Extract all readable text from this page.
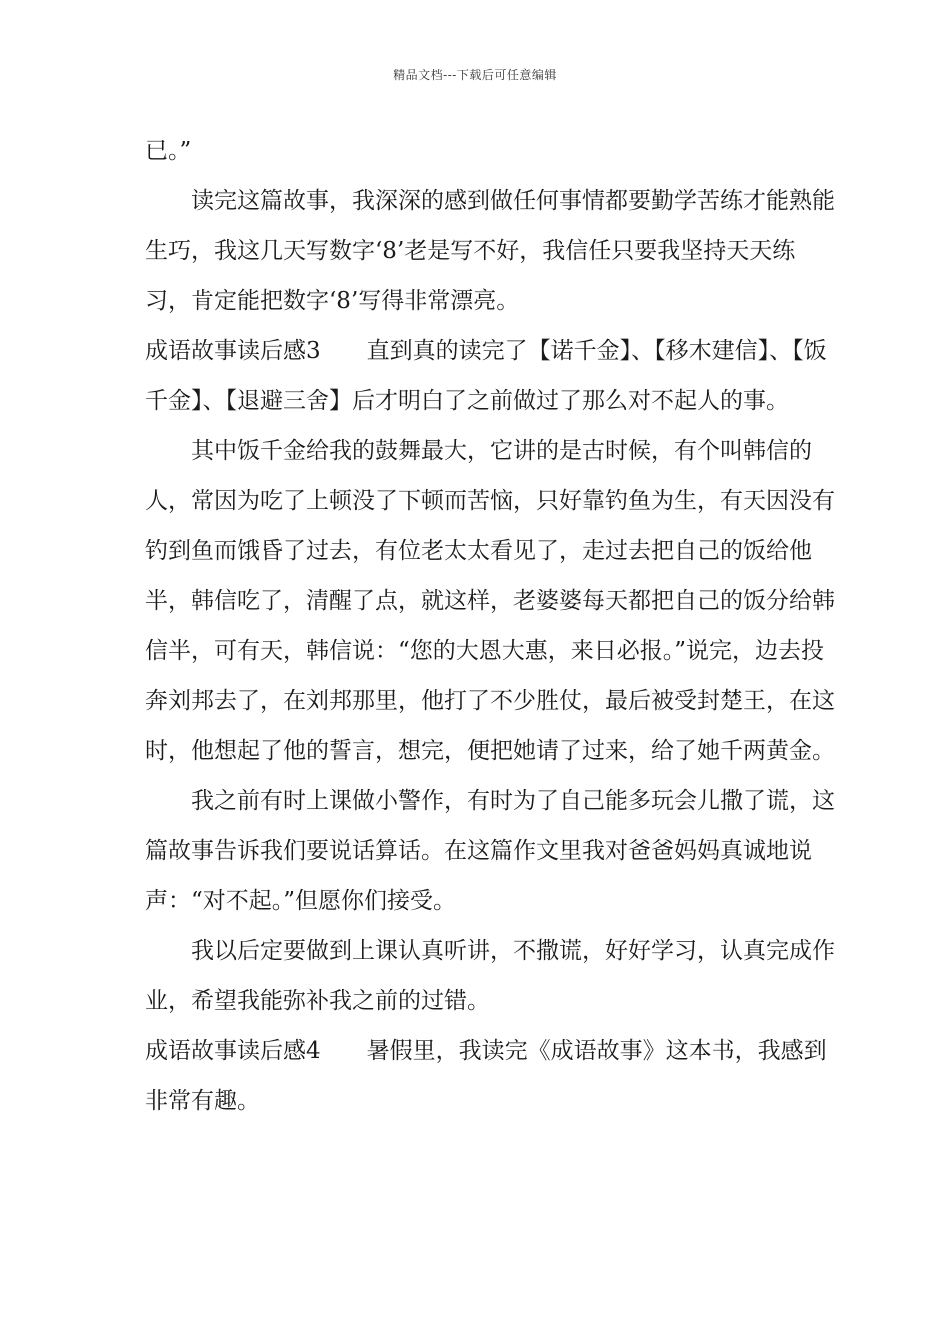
精品文档---下载后可任意编辑

已。”

读完这篇故事，我深深的感到做任何事情都要勤学苦练才能熟能生巧，我这几天写数字‘8’老是写不好，我信任只要我坚持天天练习，肯定能把数字‘8’写得非常漂亮。

成语故事读后感3 直到真的读完了【诺千金】、【移木建信】、【饭千金】、【退避三舍】后才明白了之前做过了那么对不起人的事。

其中饭千金给我的鼓舞最大，它讲的是古时候，有个叫韩信的人，常因为吃了上顿没了下顿而苦恼，只好靠钓鱼为生，有天因没有钓到鱼而饿昏了过去，有位老太太看见了，走过去把自己的饭给他半，韩信吃了，清醒了点，就这样，老婆婆每天都把自己的饭分给韩信半，可有天，韩信说：“您的大恩大惠，来日必报。”说完，边去投奔刘邦去了，在刘邦那里，他打了不少胜仗，最后被受封楚王，在这时，他想起了他的誓言，想完，便把她请了过来，给了她千两黄金。

我之前有时上课做小警作，有时为了自己能多玩会儿撒了谎，这篇故事告诉我们要说话算话。在这篇作文里我对爸爸妈妈真诚地说声：“对不起。”但愿你们接受。

我以后定要做到上课认真听讲，不撒谎，好好学习，认真完成作业，希望我能弥补我之前的过错。

成语故事读后感4 暑假里，我读完《成语故事》这本书，我感到非常有趣。
